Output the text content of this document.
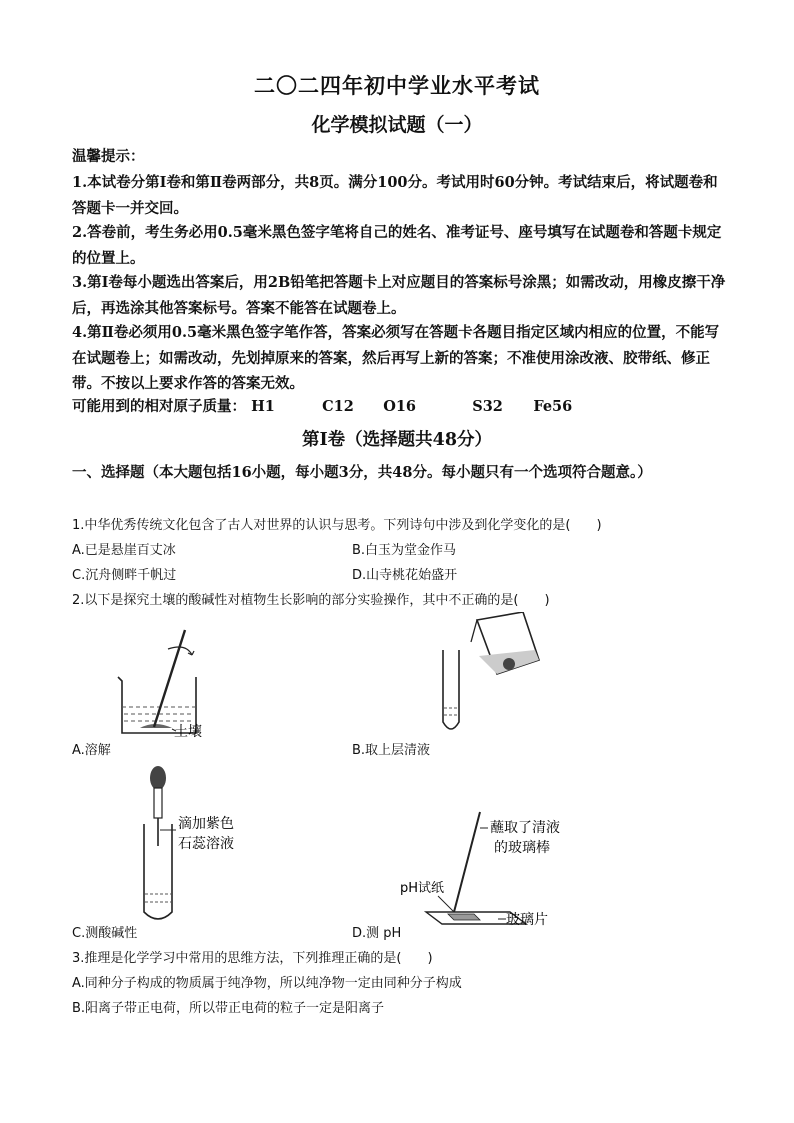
二〇二四年初中学业水平考试
化学模拟试题（一）
温馨提示：
1.本试卷分第Ⅰ卷和第Ⅱ卷两部分，共8页。满分100分。考试用时60分钟。考试结束后，将试题卷和答题卡一并交回。
2.答卷前，考生务必用0.5毫米黑色签字笔将自己的姓名、准考证号、座号填写在试题卷和答题卡规定的位置上。
3.第Ⅰ卷每小题选出答案后，用2B铅笔把答题卡上对应题目的答案标号涂黑；如需改动，用橡皮擦干净后，再选涂其他答案标号。答案不能答在试题卷上。
4.第Ⅱ卷必须用0.5毫米黑色签字笔作答，答案必须写在答题卡各题目指定区域内相应的位置，不能写在试题卷上；如需改动，先划掉原来的答案，然后再写上新的答案；不准使用涂改液、胶带纸、修正带。不按以上要求作答的答案无效。
可能用到的相对原子质量： H1	C12 O16	S32 Fe56
第Ⅰ卷（选择题共48分）
一、选择题（本大题包括16小题，每小题3分，共48分。每小题只有一个选项符合题意。）
1.中华优秀传统文化包含了古人对世界的认识与思考。下列诗句中涉及到化学变化的是(　　)
A.已是悬崖百丈冰	B.白玉为堂金作马
C.沉舟侧畔千帆过	D.山寺桃花始盛开
2.以下是探究土壤的酸碱性对植物生长影响的部分实验操作，其中不正确的是(　　)
土壤
A.溶解	B.取上层清液
滴加紫色
石蕊溶液
蘸取了清液
的玻璃棒
pH试纸
玻璃片
C.测酸碱性	D.测 pH
3.推理是化学学习中常用的思维方法，下列推理正确的是(　　)
A.同种分子构成的物质属于纯净物，所以纯净物一定由同种分子构成
B.阳离子带正电荷，所以带正电荷的粒子一定是阳离子
